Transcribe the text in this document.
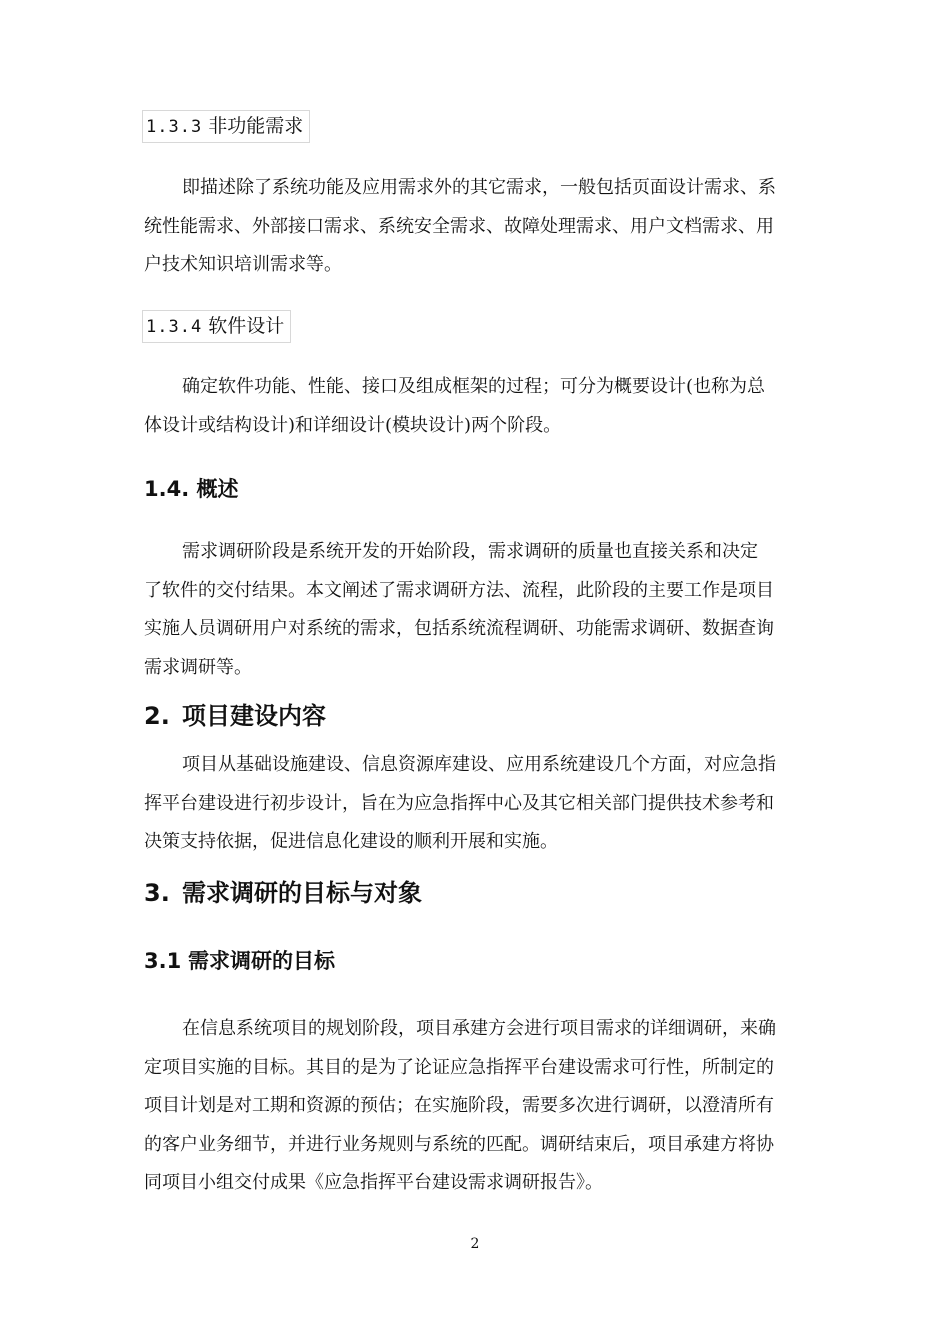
1.3.3 非功能需求
即描述除了系统功能及应用需求外的其它需求，一般包括页面设计需求、系
统性能需求、外部接口需求、系统安全需求、故障处理需求、用户文档需求、用
户技术知识培训需求等。
1.3.4 软件设计
确定软件功能、性能、接口及组成框架的过程；可分为概要设计(也称为总
体设计或结构设计)和详细设计(模块设计)两个阶段。
1.4. 概述
需求调研阶段是系统开发的开始阶段，需求调研的质量也直接关系和决定
了软件的交付结果。本文阐述了需求调研方法、流程，此阶段的主要工作是项目
实施人员调研用户对系统的需求，包括系统流程调研、功能需求调研、数据查询
需求调研等。
2. 项目建设内容
项目从基础设施建设、信息资源库建设、应用系统建设几个方面，对应急指
挥平台建设进行初步设计，旨在为应急指挥中心及其它相关部门提供技术参考和
决策支持依据，促进信息化建设的顺利开展和实施。
3. 需求调研的目标与对象
3.1 需求调研的目标
在信息系统项目的规划阶段，项目承建方会进行项目需求的详细调研，来确
定项目实施的目标。其目的是为了论证应急指挥平台建设需求可行性，所制定的
项目计划是对工期和资源的预估；在实施阶段，需要多次进行调研，以澄清所有
的客户业务细节，并进行业务规则与系统的匹配。调研结束后，项目承建方将协
同项目小组交付成果《应急指挥平台建设需求调研报告》。
2
